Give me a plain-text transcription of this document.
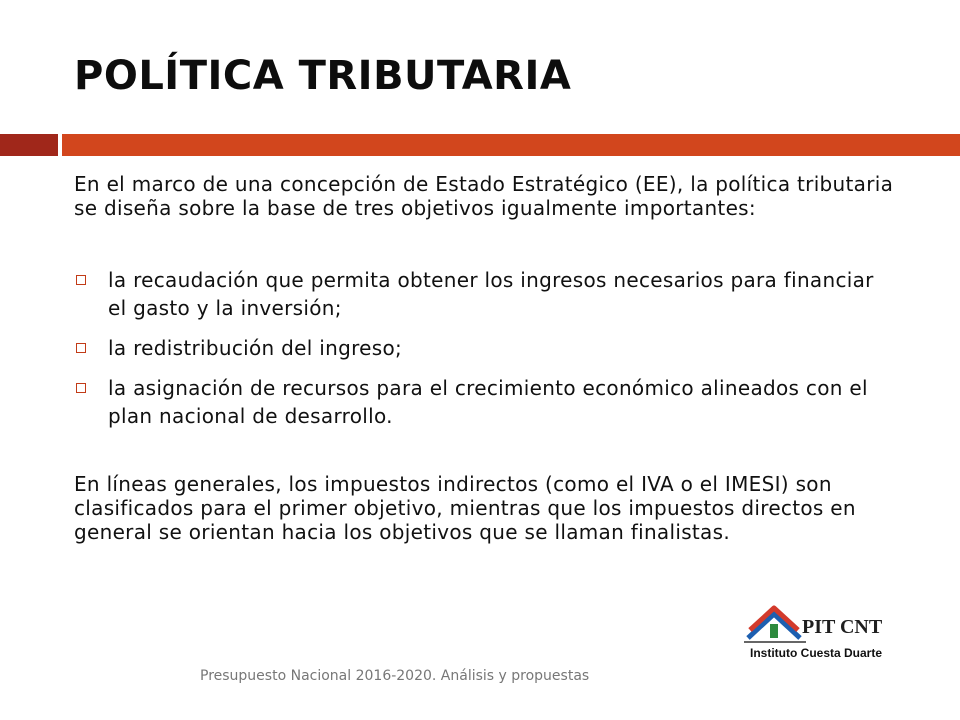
POLÍTICA TRIBUTARIA

En el marco de una concepción de Estado Estratégico (EE), la política tributaria se diseña sobre la base de tres objetivos igualmente importantes:

la recaudación que permita obtener los ingresos necesarios para financiar el gasto y la inversión;
la redistribución del ingreso;
la asignación de recursos para el crecimiento económico alineados con el plan nacional de desarrollo.

En líneas generales, los impuestos indirectos (como el IVA o el IMESI) son clasificados para el primer objetivo, mientras que los impuestos directos en general se orientan hacia los objetivos que se llaman finalistas.

PIT CNT
Instituto Cuesta Duarte
Presupuesto Nacional 2016-2020. Análisis y propuestas
